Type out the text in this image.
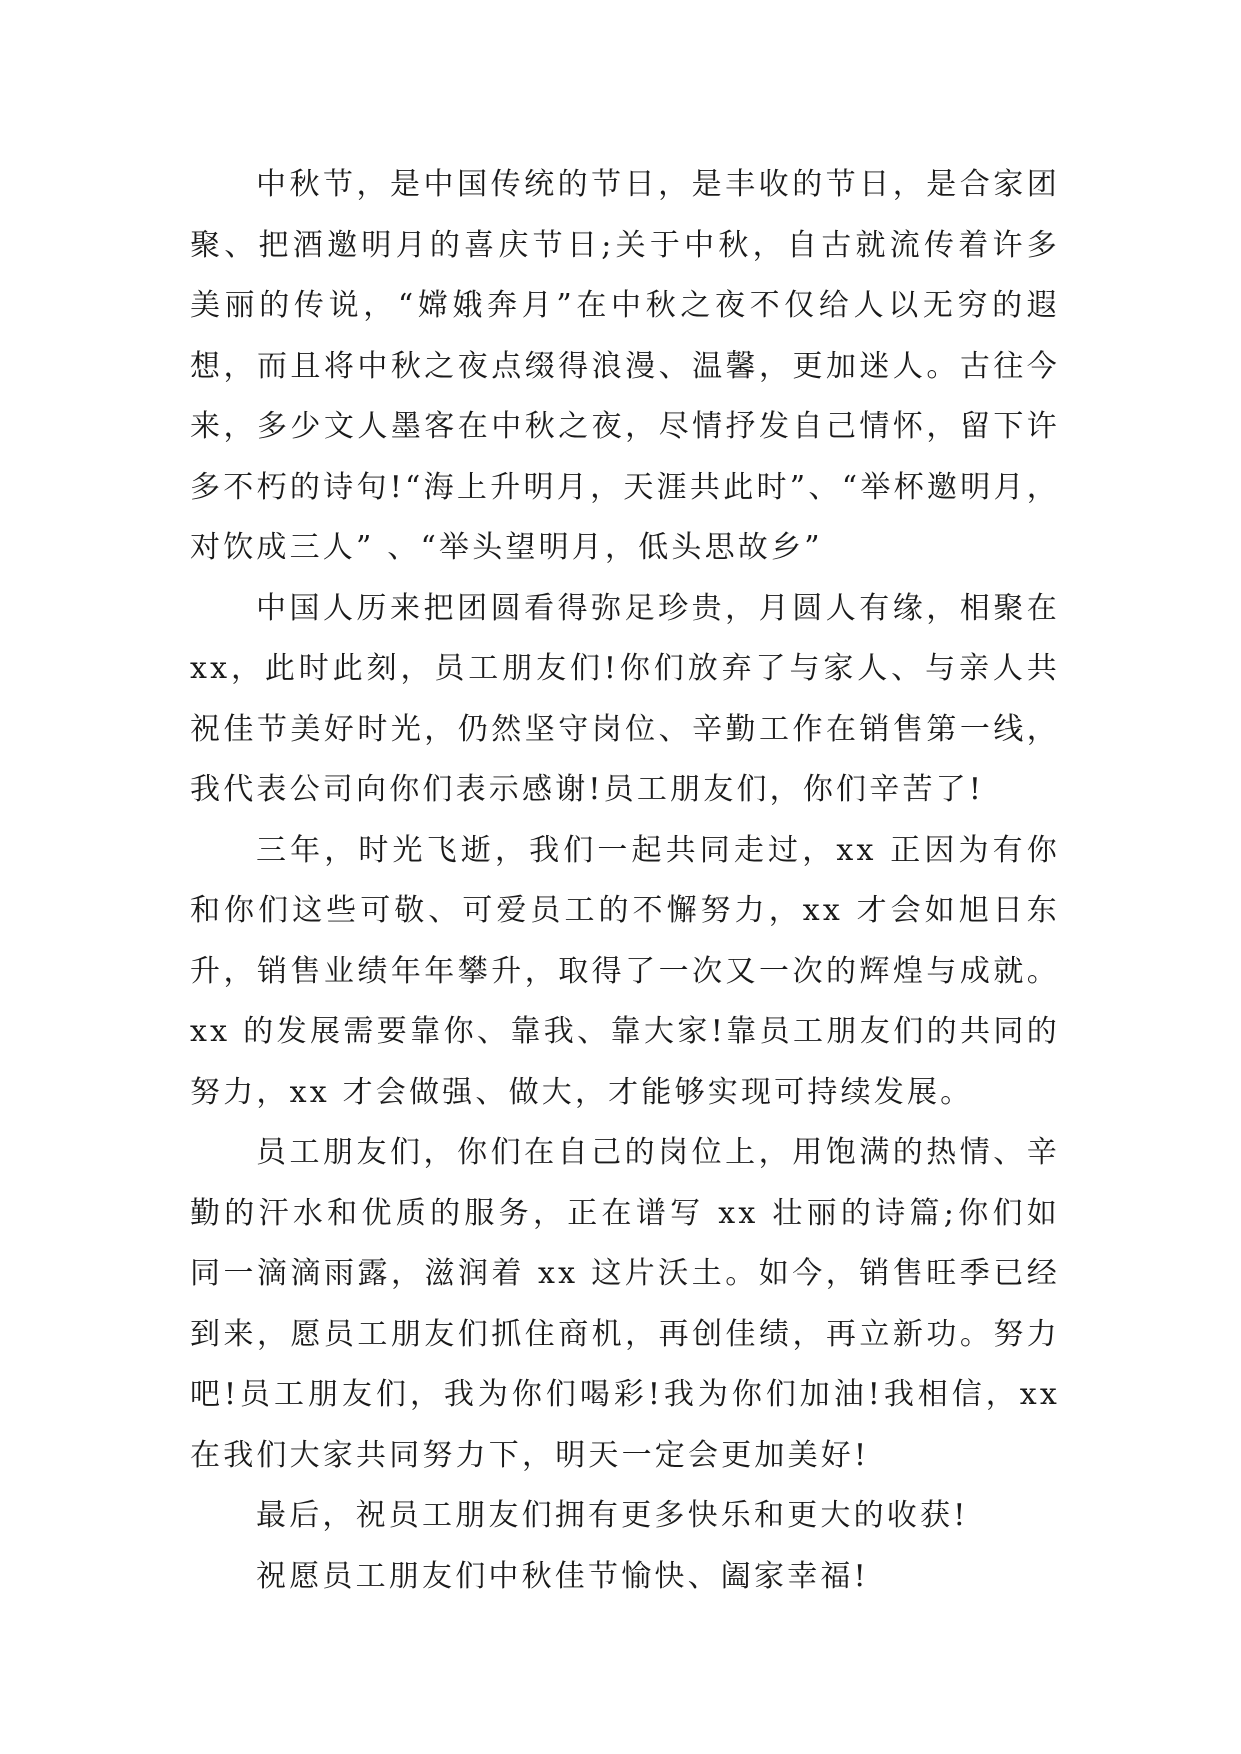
中秋节，是中国传统的节日，是丰收的节日，是合家团聚、把酒邀明月的喜庆节日;关于中秋，自古就流传着许多美丽的传说，“嫦娥奔月”在中秋之夜不仅给人以无穷的遐想，而且将中秋之夜点缀得浪漫、温馨，更加迷人。古往今来，多少文人墨客在中秋之夜，尽情抒发自己情怀，留下许多不朽的诗句!“海上升明月，天涯共此时”、“举杯邀明月，对饮成三人” 、“举头望明月，低头思故乡”

中国人历来把团圆看得弥足珍贵，月圆人有缘，相聚在xx，此时此刻，员工朋友们!你们放弃了与家人、与亲人共祝佳节美好时光，仍然坚守岗位、辛勤工作在销售第一线，我代表公司向你们表示感谢!员工朋友们，你们辛苦了!

三年，时光飞逝，我们一起共同走过，xx 正因为有你和你们这些可敬、可爱员工的不懈努力，xx 才会如旭日东升，销售业绩年年攀升，取得了一次又一次的辉煌与成就。xx 的发展需要靠你、靠我、靠大家!靠员工朋友们的共同的努力，xx 才会做强、做大，才能够实现可持续发展。

员工朋友们，你们在自己的岗位上，用饱满的热情、辛勤的汗水和优质的服务，正在谱写 xx 壮丽的诗篇;你们如同一滴滴雨露，滋润着 xx 这片沃土。如今，销售旺季已经到来，愿员工朋友们抓住商机，再创佳绩，再立新功。努力吧!员工朋友们，我为你们喝彩!我为你们加油!我相信，xx 在我们大家共同努力下，明天一定会更加美好!

最后，祝员工朋友们拥有更多快乐和更大的收获!

祝愿员工朋友们中秋佳节愉快、阖家幸福!
